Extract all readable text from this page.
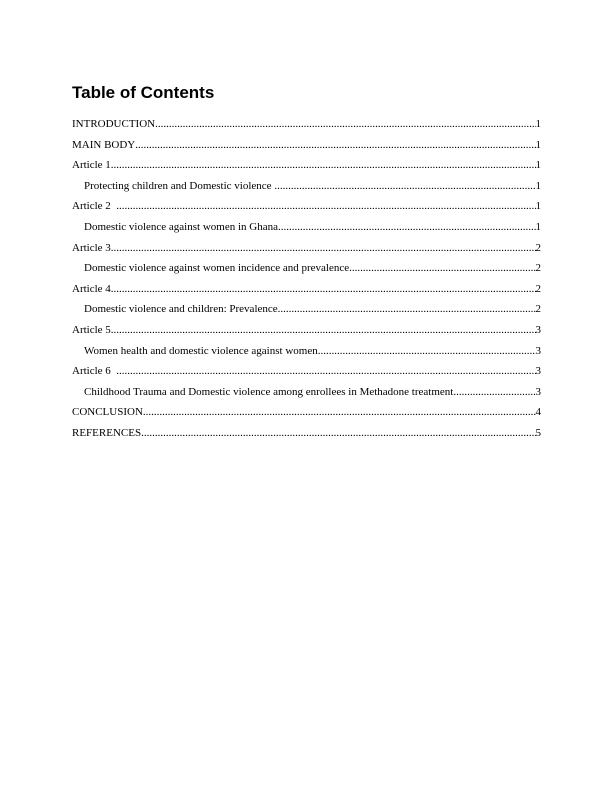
Table of Contents
INTRODUCTION .....	1
MAIN BODY .....	1
Article 1 .....	1
Protecting children and Domestic violence .....	1
Article 2 .....	1
Domestic violence against women in Ghana .....	1
Article 3 .....	2
Domestic violence against women incidence and prevalence .....	2
Article 4 .....	2
Domestic violence and children: Prevalence .....	2
Article 5 .....	3
Women health and domestic violence against women .....	3
Article 6 .....	3
Childhood Trauma and Domestic violence among enrollees in Methadone treatment .....	3
CONCLUSION .....	4
REFERENCES .....	5
